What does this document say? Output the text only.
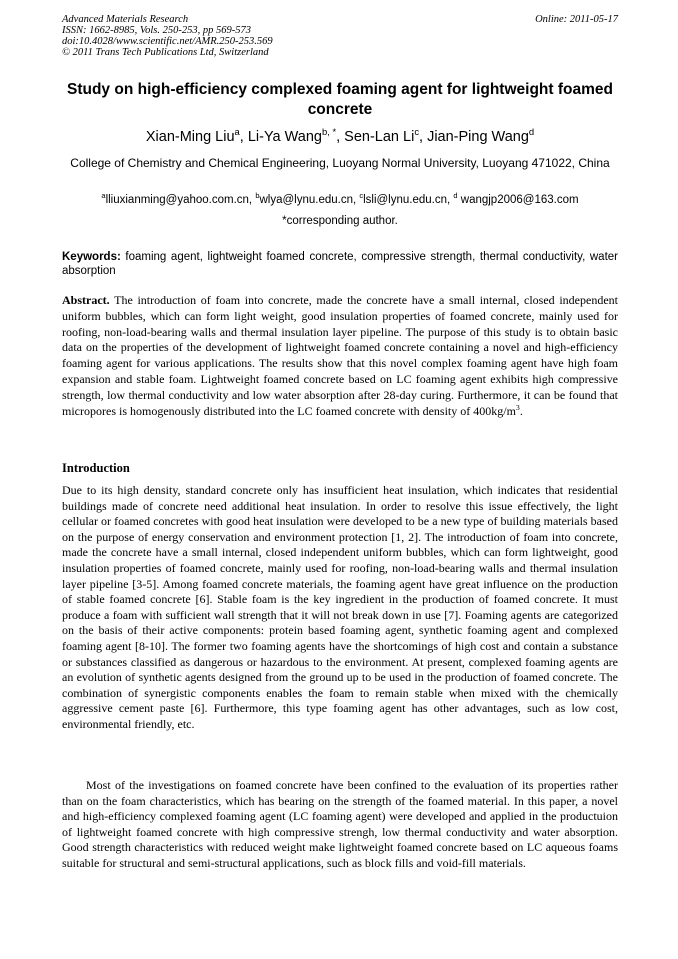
Advanced Materials Research
ISSN: 1662-8985, Vols. 250-253, pp 569-573
doi:10.4028/www.scientific.net/AMR.250-253.569
© 2011 Trans Tech Publications Ltd, Switzerland
Online: 2011-05-17
Study on high-efficiency complexed foaming agent for lightweight foamed concrete
Xian-Ming Liu$^a$, Li-Ya Wang$^{b, *}$, Sen-Lan Li$^c$, Jian-Ping Wang$^d$
College of Chemistry and Chemical Engineering, Luoyang Normal University, Luoyang 471022, China
$^a$lliuxianming@yahoo.com.cn, $^b$wlya@lynu.edu.cn, $^c$lsli@lynu.edu.cn, $^d$ wangjp2006@163.com
*corresponding author.
Keywords: foaming agent, lightweight foamed concrete, compressive strength, thermal conductivity, water absorption
Abstract. The introduction of foam into concrete, made the concrete have a small internal, closed independent uniform bubbles, which can form light weight, good insulation properties of foamed concrete, mainly used for roofing, non-load-bearing walls and thermal insulation layer pipeline. The purpose of this study is to obtain basic data on the properties of the development of lightweight foamed concrete containing a novel and high-efficiency foaming agent for various applications. The results show that this novel complex foaming agent have high foam expansion and stable foam. Lightweight foamed concrete based on LC foaming agent exhibits high compressive strength, low thermal conductivity and low water absorption after 28-day curing. Furthermore, it can be found that micropores is homogenously distributed into the LC foamed concrete with density of $400kg/m^3$.
Introduction
Due to its high density, standard concrete only has insufficient heat insulation, which indicates that residential buildings made of concrete need additional heat insulation. In order to resolve this issue effectively, the light cellular or foamed concretes with good heat insulation were developed to be a new type of building materials based on the purpose of energy conservation and environment protection [1, 2]. The introduction of foam into concrete, made the concrete have a small internal, closed independent uniform bubbles, which can form lightweight, good insulation properties of foamed concrete, mainly used for roofing, non-load-bearing walls and thermal insulation layer pipeline [3-5]. Among foamed concrete materials, the foaming agent have great influence on the production of stable foamed concrete [6]. Stable foam is the key ingredient in the production of foamed concrete. It must produce a foam with sufficient wall strength that it will not break down in use [7]. Foaming agents are categorized on the basis of their active components: protein based foaming agent, synthetic foaming agent and complexed foaming agent [8-10]. The former two foaming agents have the shortcomings of high cost and contain a substance or substances classified as dangerous or hazardous to the environment. At present, complexed foaming agents are an evolution of synthetic agents designed from the ground up to be used in the production of foamed concrete. The combination of synergistic components enables the foam to remain stable when mixed with the chemically aggressive cement paste [6]. Furthermore, this type foaming agent has other advantages, such as low cost, environmental friendly, etc.
Most of the investigations on foamed concrete have been confined to the evaluation of its properties rather than on the foam characteristics, which has bearing on the strength of the foamed material. In this paper, a novel and high-efficiency complexed foaming agent (LC foaming agent) were developed and applied in the productuion of lightweight foamed concrete with high compressive strengh, low thermal conductivity and water absorption. Good strength characteristics with reduced weight make lightweight foamed concrete based on LC aqueous foams suitable for structural and semi-structural applications, such as block fills and void-fill materials.
